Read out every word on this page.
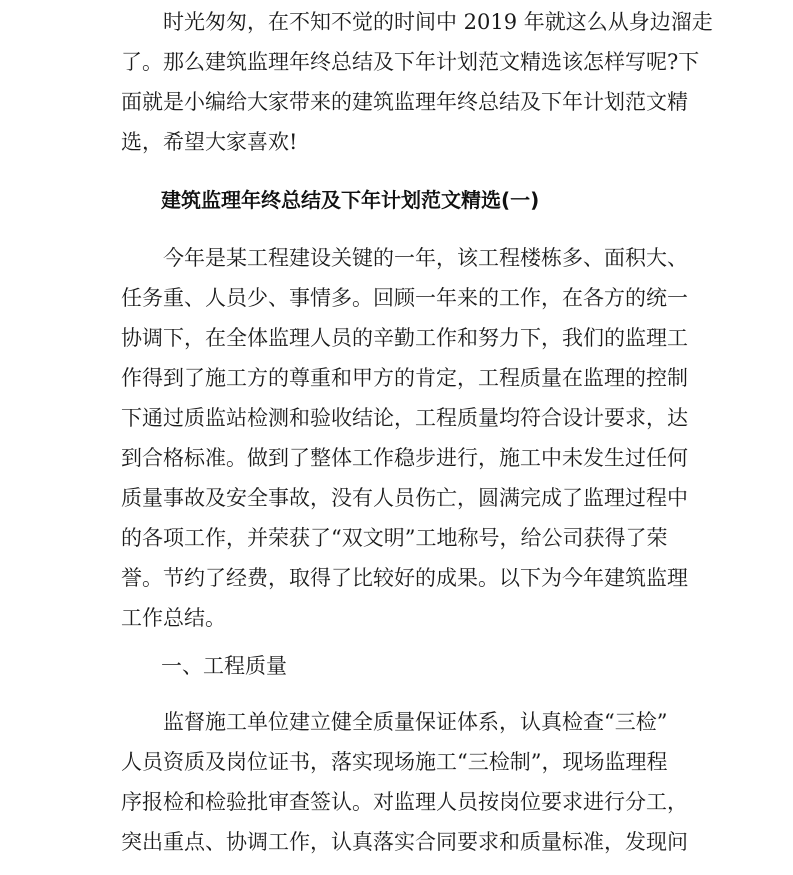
　　时光匆匆，在不知不觉的时间中 2019 年就这么从身边溜走
了。那么建筑监理年终总结及下年计划范文精选该怎样写呢?下
面就是小编给大家带来的建筑监理年终总结及下年计划范文精
选，希望大家喜欢!
建筑监理年终总结及下年计划范文精选(一)
　　今年是某工程建设关键的一年，该工程楼栋多、面积大、
任务重、人员少、事情多。回顾一年来的工作，在各方的统一
协调下，在全体监理人员的辛勤工作和努力下，我们的监理工
作得到了施工方的尊重和甲方的肯定，工程质量在监理的控制
下通过质监站检测和验收结论，工程质量均符合设计要求，达
到合格标准。做到了整体工作稳步进行，施工中未发生过任何
质量事故及安全事故，没有人员伤亡，圆满完成了监理过程中
的各项工作，并荣获了“双文明”工地称号，给公司获得了荣
誉。节约了经费，取得了比较好的成果。以下为今年建筑监理
工作总结。
一、工程质量
　　监督施工单位建立健全质量保证体系，认真检查“三检”
人员资质及岗位证书，落实现场施工“三检制”，现场监理程
序报检和检验批审查签认。对监理人员按岗位要求进行分工，
突出重点、协调工作，认真落实合同要求和质量标准，发现问
